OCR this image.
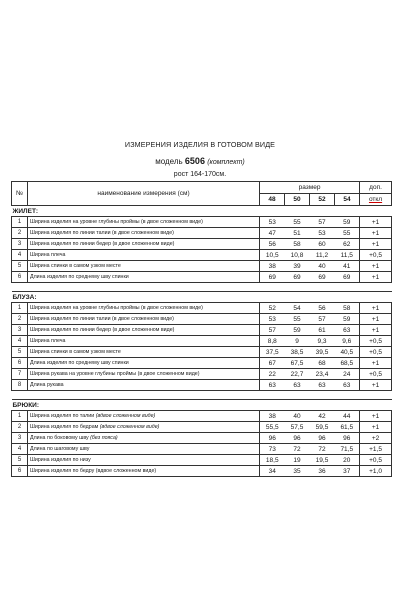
ИЗМЕРЕНИЯ ИЗДЕЛИЯ В ГОТОВОМ ВИДЕ
модель 6506 (комплект)
рост 164-170см.
№	наименование измерения (см)	размер				доп.
		48	50	52	54	откл
ЖИЛЕТ:						
1	Ширина изделия на уровне глубины проймы (в двое сложенном виде)	53	55	57	59	+1
2	Ширина изделия по линии талии (в двое сложенном виде)	47	51	53	55	+1
3	Ширина изделия по линии бедер (в двое сложенном виде)	56	58	60	62	+1
4	Ширина плеча	10,5	10,8	11,2	11,5	+0,5
5	Ширина спинки в самом узком месте	38	39	40	41	+1
6	Длина изделия по среднему шву спинки	69	69	69	69	+1

БЛУЗА:						
1	Ширина изделия на уровне глубины проймы (в двое сложенном виде)	52	54	56	58	+1
2	Ширина изделия по линии талии (в двое сложенном виде)	53	55	57	59	+1
3	Ширина изделия по линии бедер (в двое сложенном виде)	57	59	61	63	+1
4	Ширина плеча	8,8	9	9,3	9,6	+0,5
5	Ширина спинки в самом узком месте	37,5	38,5	39,5	40,5	+0,5
6	Длина изделия по среднему шву спинки	67	67,5	68	68,5	+1
7	Ширина рукава на уровне глубины проймы (в двое сложенном виде)	22	22,7	23,4	24	+0,5
8	Длина рукава	63	63	63	63	+1

БРЮКИ:						
1	Ширина изделия по талии (вдвое сложенном виде)	38	40	42	44	+1
2	Ширина изделия по бедрам (вдвое сложенном виде)	55,5	57,5	59,5	61,5	+1
3	Длина по боковому шву (без пояса)	96	96	96	96	+2
4	Длина по шаговому шву	73	72	72	71,5	+1,5
5	Ширина изделия по низу	18,5	19	19,5	20	+0,5
6	Ширина изделия по бедру (вдвое сложенном виде)	34	35	36	37	+1,0
